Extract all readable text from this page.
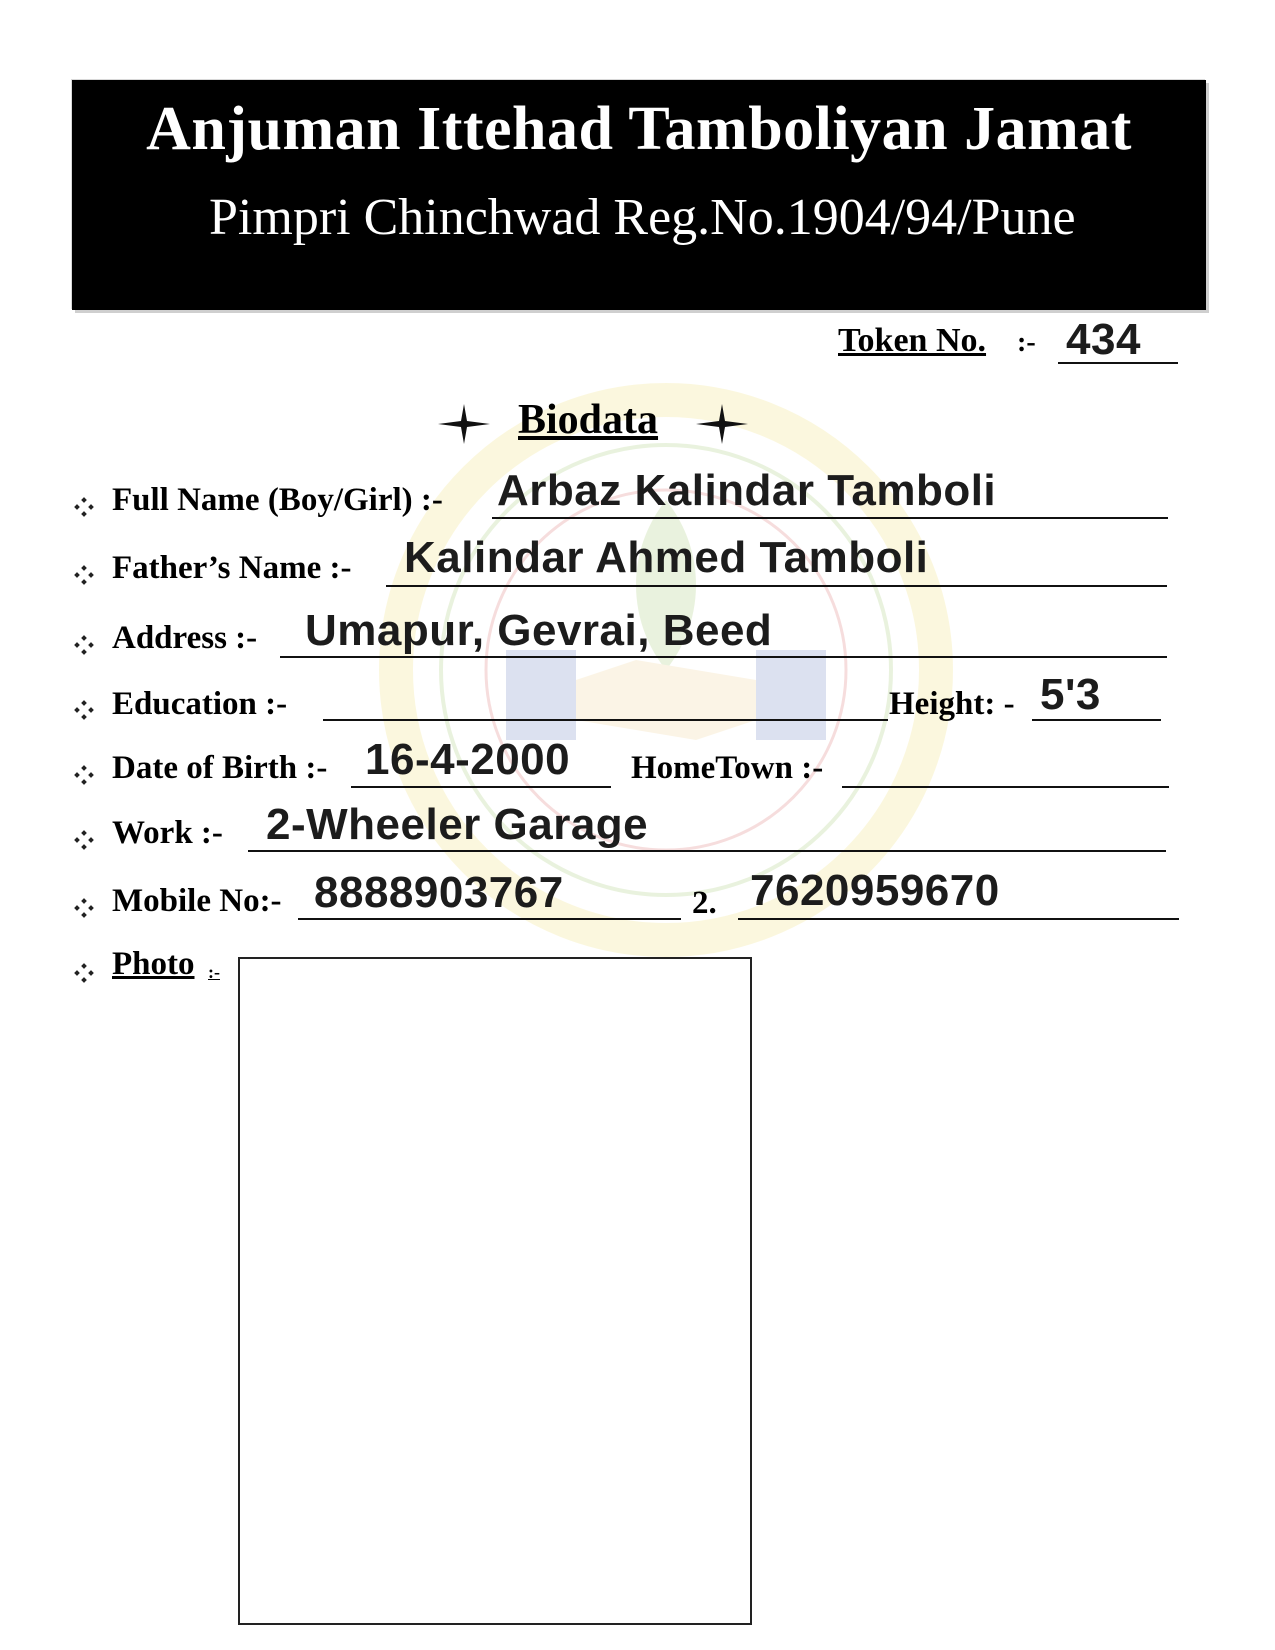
Anjuman Ittehad Tamboliyan Jamat
Pimpri Chinchwad Reg.No.1904/94/Pune
Token No. :- 434
Biodata
Full Name (Boy/Girl) :- Arbaz Kalindar Tamboli
Father’s Name :- Kalindar Ahmed Tamboli
Address :- Umapur, Gevrai, Beed
Education :-	Height: - 5'3
Date of Birth :- 16-4-2000 HomeTown :-
Work :- 2-Wheeler Garage
Mobile No:- 8888903767	2. 7620959670
Photo :-
